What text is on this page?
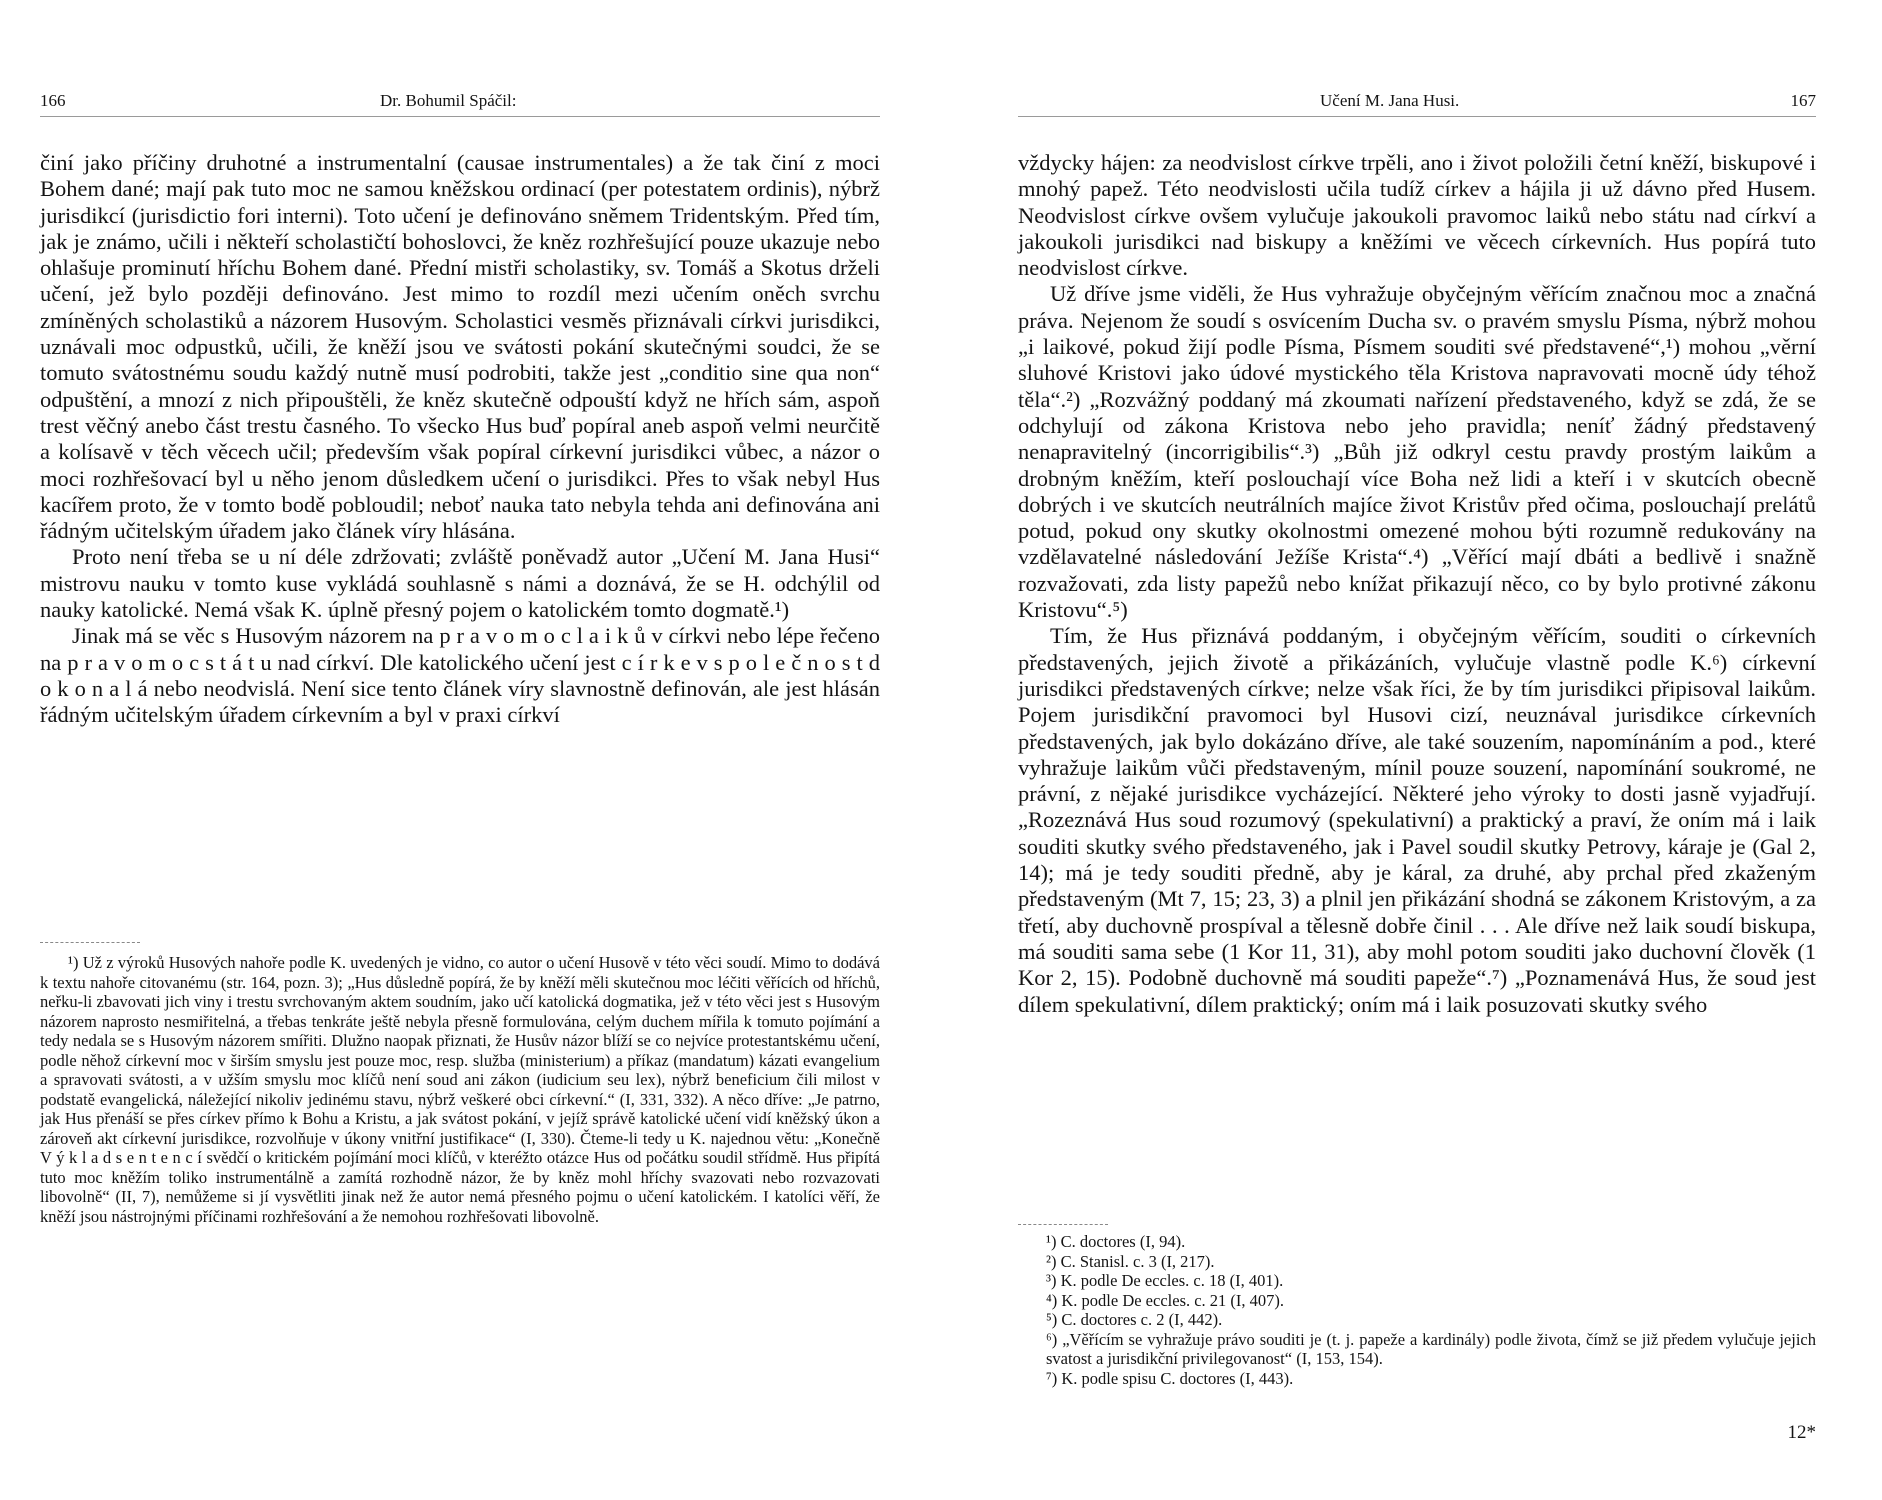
166	Dr. Bohumil Spáčil:

činí jako příčiny druhotné a instrumentalní (causae instrumentales) a že tak činí z moci Bohem dané; mají pak tuto moc ne samou kněžskou ordinací (per potestatem ordinis), nýbrž jurisdikcí (jurisdictio fori interni). Toto učení je definováno sněmem Tridentským. Před tím, jak je známo, učili i někteří scholastičtí bohoslovci, že kněz rozhřešující pouze ukazuje nebo ohlašuje prominutí hříchu Bohem dané. Přední mistři scholastiky, sv. Tomáš a Skotus drželi učení, jež bylo později definováno. Jest mimo to rozdíl mezi učením oněch svrchu zmíněných scholastiků a názorem Husovým. Scholastici vesměs přiznávali církvi jurisdikci, uznávali moc odpustků, učili, že kněží jsou ve svátosti pokání skutečnými soudci, že se tomuto svátostnému soudu každý nutně musí podrobiti, takže jest „conditio sine qua non“ odpuštění, a mnozí z nich připouštěli, že kněz skutečně odpouští když ne hřích sám, aspoň trest věčný anebo část trestu časného. To všecko Hus buď popíral aneb aspoň velmi neurčitě a kolísavě v těch věcech učil; především však popíral církevní jurisdikci vůbec, a názor o moci rozhřešovací byl u něho jenom důsledkem učení o jurisdikci. Přes to však nebyl Hus kacířem proto, že v tomto bodě pobloudil; neboť nauka tato nebyla tehda ani definována ani řádným učitelským úřadem jako článek víry hlásána.

Proto není třeba se u ní déle zdržovati; zvláště poněvadž autor „Učení M. Jana Husi“ mistrovu nauku v tomto kuse vykládá souhlasně s námi a doznává, že se H. odchýlil od nauky katolické. Nemá však K. úplně přesný pojem o katolickém tomto dogmatě.¹)

Jinak má se věc s Husovým názorem na p r a v o m o c l a i k ů v církvi nebo lépe řečeno na p r a v o m o c s t á t u nad církví. Dle katolického učení jest c í r k e v s p o l e č n o s t d o k o n a l á nebo neodvislá. Není sice tento článek víry slavnostně definován, ale jest hlásán řádným učitelským úřadem církevním a byl v praxi církví

¹) Už z výroků Husových nahoře podle K. uvedených je vidno, co autor o učení Husově v této věci soudí. Mimo to dodává k textu nahoře citovanému (str. 164, pozn. 3); „Hus důsledně popírá, že by kněží měli skutečnou moc léčiti věřících od hříchů, neřku-li zbavovati jich viny i trestu svrchovaným aktem soudním, jako učí katolická dogmatika, jež v této věci jest s Husovým názorem naprosto nesmiřitelná, a třebas tenkráte ještě nebyla přesně formulována, celým duchem mířila k tomuto pojímání a tedy nedala se s Husovým názorem smířiti. Dlužno naopak přiznati, že Husův názor blíží se co nejvíce protestantskému učení, podle něhož církevní moc v širším smyslu jest pouze moc, resp. služba (ministerium) a příkaz (mandatum) kázati evangelium a spravovati svátosti, a v užším smyslu moc klíčů není soud ani zákon (iudicium seu lex), nýbrž beneficium čili milost v podstatě evangelická, náležející nikoliv jedinému stavu, nýbrž veškeré obci církevní.“ (I, 331, 332). A něco dříve: „Je patrno, jak Hus přenáší se přes církev přímo k Bohu a Kristu, a jak svátost pokání, v jejíž správě katolické učení vidí kněžský úkon a zároveň akt církevní jurisdikce, rozvolňuje v úkony vnitřní justifikace“ (I, 330). Čteme-li tedy u K. najednou větu: „Konečně V ý k l a d s e n t e n c í svědčí o kritickém pojímání moci klíčů, v kteréžto otázce Hus od počátku soudil střídmě. Hus připítá tuto moc kněžím toliko instrumentálně a zamítá rozhodně názor, že by kněz mohl hříchy svazovati nebo rozvazovati libovolně“ (II, 7), nemůžeme si jí vysvětliti jinak než že autor nemá přesného pojmu o učení katolickém. I katolíci věří, že kněží jsou nástrojnými příčinami rozhřešování a že nemohou rozhřešovati libovolně.

Učení M. Jana Husi.	167

vždycky hájen: za neodvislost církve trpěli, ano i život položili četní kněží, biskupové i mnohý papež. Této neodvislosti učila tudíž církev a hájila ji už dávno před Husem. Neodvislost církve ovšem vylučuje jakoukoli pravomoc laiků nebo státu nad církví a jakoukoli jurisdikci nad biskupy a kněžími ve věcech církevních. Hus popírá tuto neodvislost církve.

Už dříve jsme viděli, že Hus vyhražuje obyčejným věřícím značnou moc a značná práva. Nejenom že soudí s osvícením Ducha sv. o pravém smyslu Písma, nýbrž mohou „i laikové, pokud žijí podle Písma, Písmem souditi své představené“,¹) mohou „věrní sluhové Kristovi jako údové mystického těla Kristova napravovati mocně údy téhož těla“.²) „Rozvážný poddaný má zkoumati nařízení představeného, když se zdá, že se odchylují od zákona Kristova nebo jeho pravidla; neníť žádný představený nenapravitelný (incorrigibilis“.³) „Bůh již odkryl cestu pravdy prostým laikům a drobným kněžím, kteří poslouchají více Boha než lidi a kteří i v skutcích obecně dobrých i ve skutcích neutrálních majíce život Kristův před očima, poslouchají prelátů potud, pokud ony skutky okolnostmi omezené mohou býti rozumně redukovány na vzdělavatelné následování Ježíše Krista“.⁴) „Věřící mají dbáti a bedlivě i snažně rozvažovati, zda listy papežů nebo knížat přikazují něco, co by bylo protivné zákonu Kristovu“.⁵)

Tím, že Hus přiznává poddaným, i obyčejným věřícím, souditi o církevních představených, jejich životě a přikázáních, vylučuje vlastně podle K.⁶) církevní jurisdikci představených církve; nelze však říci, že by tím jurisdikci připisoval laikům. Pojem jurisdikční pravomoci byl Husovi cizí, neuznával jurisdikce církevních představených, jak bylo dokázáno dříve, ale také souzením, napomínáním a pod., které vyhražuje laikům vůči představeným, mínil pouze souzení, napomínání soukromé, ne právní, z nějaké jurisdikce vycházející. Některé jeho výroky to dosti jasně vyjadřují. „Rozeznává Hus soud rozumový (spekulativní) a praktický a praví, že oním má i laik souditi skutky svého představeného, jak i Pavel soudil skutky Petrovy, káraje je (Gal 2, 14); má je tedy souditi předně, aby je káral, za druhé, aby prchal před zkaženým představeným (Mt 7, 15; 23, 3) a plnil jen přikázání shodná se zákonem Kristovým, a za třetí, aby duchovně prospíval a tělesně dobře činil . . . Ale dříve než laik soudí biskupa, má souditi sama sebe (1 Kor 11, 31), aby mohl potom souditi jako duchovní člověk (1 Kor 2, 15). Podobně duchovně má souditi papeže“.⁷) „Poznamenává Hus, že soud jest dílem spekulativní, dílem praktický; oním má i laik posuzovati skutky svého

¹) C. doctores (I, 94).

²) C. Stanisl. c. 3 (I, 217).

³) K. podle De eccles. c. 18 (I, 401).

⁴) K. podle De eccles. c. 21 (I, 407).

⁵) C. doctores c. 2 (I, 442).

⁶) „Věřícím se vyhražuje právo souditi je (t. j. papeže a kardinály) podle života, čímž se již předem vylučuje jejich svatost a jurisdikční privilegovanost“ (I, 153, 154).

⁷) K. podle spisu C. doctores (I, 443).

12*
